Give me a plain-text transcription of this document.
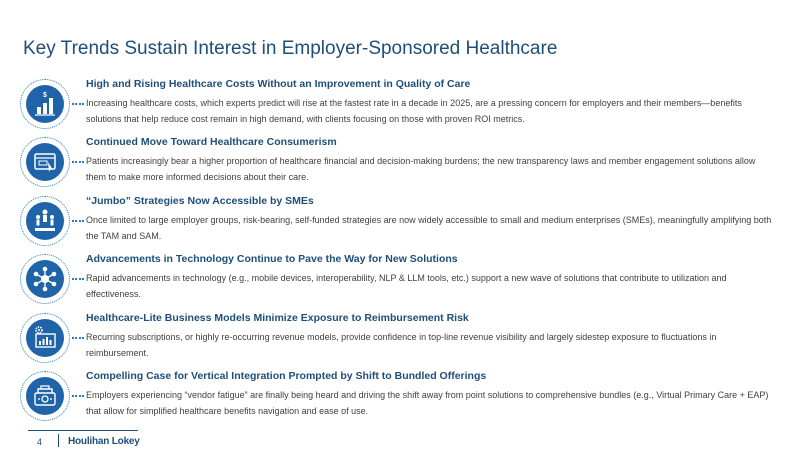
Key Trends Sustain Interest in Employer-Sponsored Healthcare
$
High and Rising Healthcare Costs Without an Improvement in Quality of Care
Increasing healthcare costs, which experts predict will rise at the fastest rate in a decade in 2025, are a pressing concern for employers and their members—benefits solutions that help reduce cost remain in high demand, with clients focusing on those with proven ROI metrics.
Continued Move Toward Healthcare Consumerism
Patients increasingly bear a higher proportion of healthcare financial and decision-making burdens; the new transparency laws and member engagement solutions allow them to make more informed decisions about their care.
“Jumbo” Strategies Now Accessible by SMEs
Once limited to large employer groups, risk-bearing, self-funded strategies are now widely accessible to small and medium enterprises (SMEs), meaningfully amplifying both the TAM and SAM.
Advancements in Technology Continue to Pave the Way for New Solutions
Rapid advancements in technology (e.g., mobile devices, interoperability, NLP & LLM tools, etc.) support a new wave of solutions that contribute to utilization and effectiveness.
Healthcare-Lite Business Models Minimize Exposure to Reimbursement Risk
Recurring subscriptions, or highly re-occurring revenue models, provide confidence in top-line revenue visibility and largely sidestep exposure to fluctuations in reimbursement.
Compelling Case for Vertical Integration Prompted by Shift to Bundled Offerings
Employers experiencing “vendor fatigue” are finally being heard and driving the shift away from point solutions to comprehensive bundles (e.g., Virtual Primary Care + EAP) that allow for simplified healthcare benefits navigation and ease of use.
4	Houlihan Lokey
